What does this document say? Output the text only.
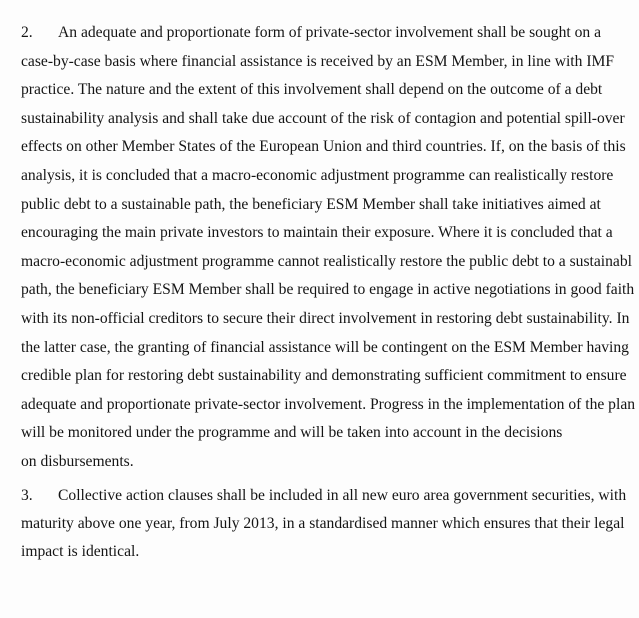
2. An adequate and proportionate form of private-sector involvement shall be sought on a
case-by-case basis where financial assistance is received by an ESM Member, in line with IMF
practice. The nature and the extent of this involvement shall depend on the outcome of a debt
sustainability analysis and shall take due account of the risk of contagion and potential spill-over
effects on other Member States of the European Union and third countries. If, on the basis of this
analysis, it is concluded that a macro-economic adjustment programme can realistically restore
public debt to a sustainable path, the beneficiary ESM Member shall take initiatives aimed at
encouraging the main private investors to maintain their exposure. Where it is concluded that a
macro-economic adjustment programme cannot realistically restore the public debt to a sustainabl
path, the beneficiary ESM Member shall be required to engage in active negotiations in good faith
with its non-official creditors to secure their direct involvement in restoring debt sustainability. In
the latter case, the granting of financial assistance will be contingent on the ESM Member having
credible plan for restoring debt sustainability and demonstrating sufficient commitment to ensure
adequate and proportionate private-sector involvement. Progress in the implementation of the plan
will be monitored under the programme and will be taken into account in the decisions
on disbursements.
3. Collective action clauses shall be included in all new euro area government securities, with
maturity above one year, from July 2013, in a standardised manner which ensures that their legal
impact is identical.
